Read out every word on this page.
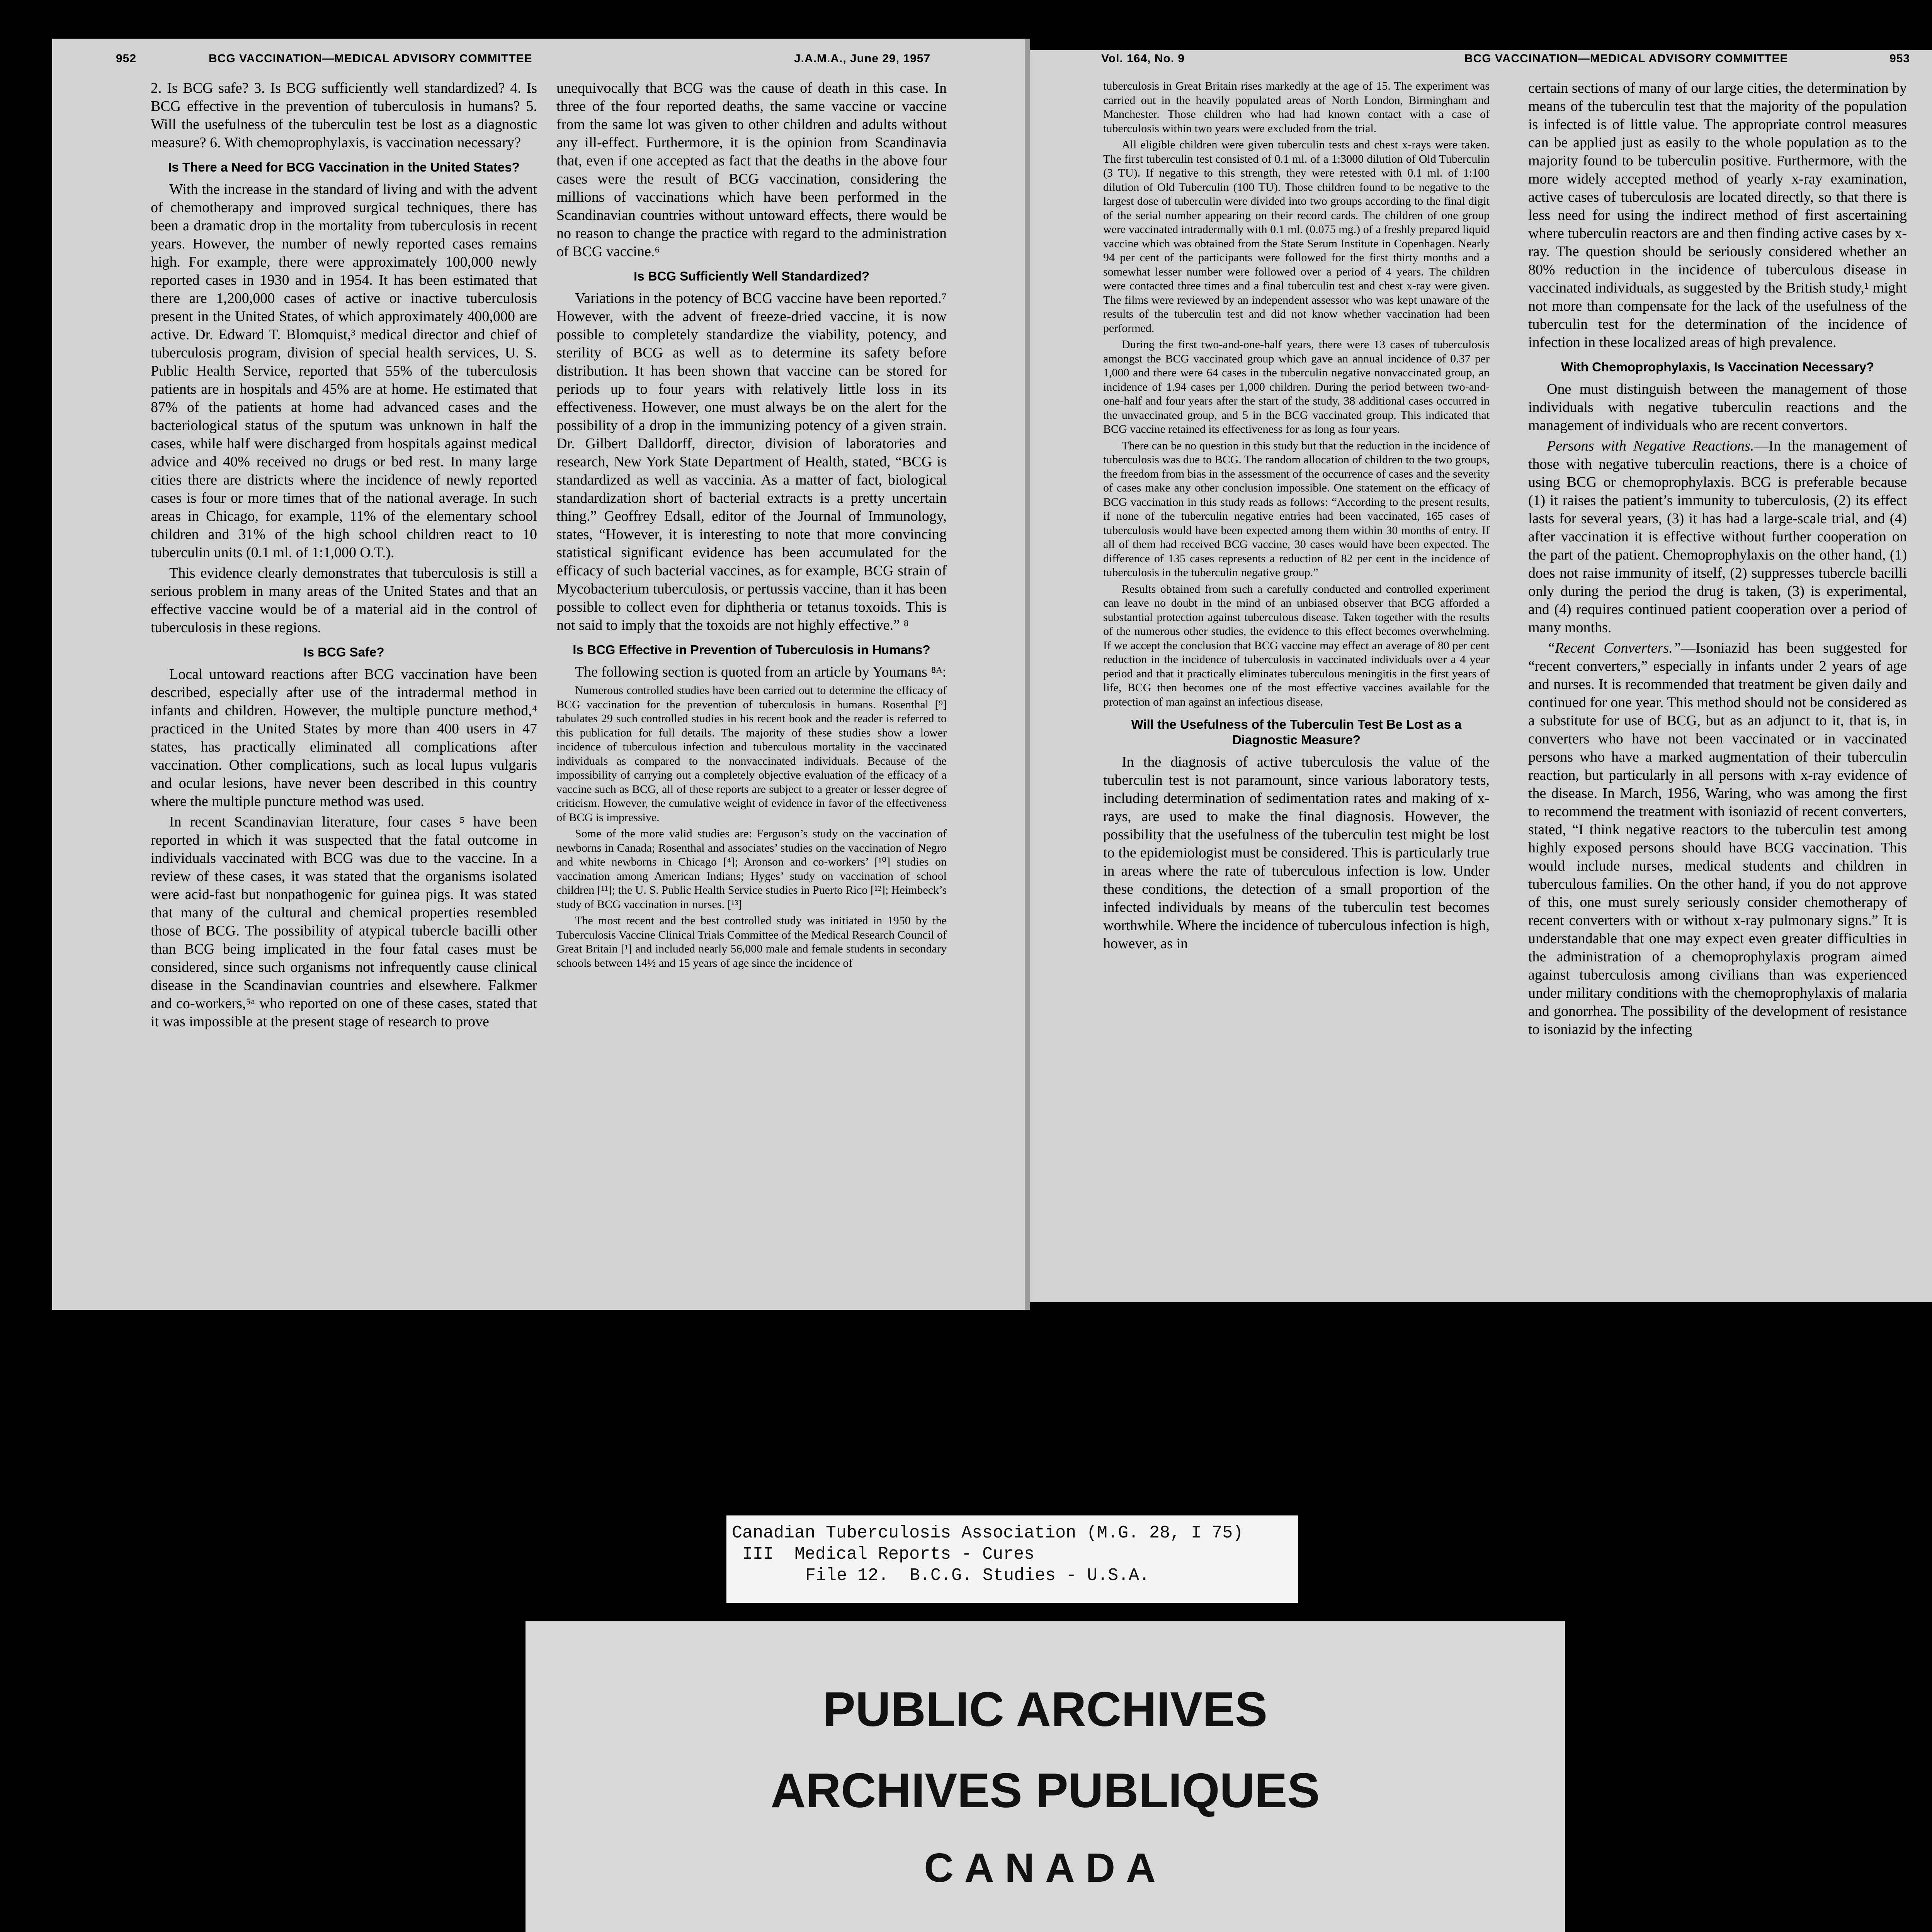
952	BCG VACCINATION—MEDICAL ADVISORY COMMITTEE	J.A.M.A., June 29, 1957

2. Is BCG safe? 3. Is BCG sufficiently well standardized? 4. Is BCG effective in the prevention of tuberculosis in humans? 5. Will the usefulness of the tuberculin test be lost as a diagnostic measure? 6. With chemoprophylaxis, is vaccination necessary?

Is There a Need for BCG Vaccination in the United States?

With the increase in the standard of living and with the advent of chemotherapy and improved surgical techniques, there has been a dramatic drop in the mortality from tuberculosis in recent years. However, the number of newly reported cases remains high. For example, there were approximately 100,000 newly reported cases in 1930 and in 1954. It has been estimated that there are 1,200,000 cases of active or inactive tuberculosis present in the United States, of which approximately 400,000 are active. Dr. Edward T. Blomquist,³ medical director and chief of tuberculosis program, division of special health services, U. S. Public Health Service, reported that 55% of the tuberculosis patients are in hospitals and 45% are at home. He estimated that 87% of the patients at home had advanced cases and the bacteriological status of the sputum was unknown in half the cases, while half were discharged from hospitals against medical advice and 40% received no drugs or bed rest. In many large cities there are districts where the incidence of newly reported cases is four or more times that of the national average. In such areas in Chicago, for example, 11% of the elementary school children and 31% of the high school children react to 10 tuberculin units (0.1 ml. of 1:1,000 O.T.).

This evidence clearly demonstrates that tuberculosis is still a serious problem in many areas of the United States and that an effective vaccine would be of a material aid in the control of tuberculosis in these regions.

Is BCG Safe?

Local untoward reactions after BCG vaccination have been described, especially after use of the intradermal method in infants and children. However, the multiple puncture method,⁴ practiced in the United States by more than 400 users in 47 states, has practically eliminated all complications after vaccination. Other complications, such as local lupus vulgaris and ocular lesions, have never been described in this country where the multiple puncture method was used.

In recent Scandinavian literature, four cases ⁵ have been reported in which it was suspected that the fatal outcome in individuals vaccinated with BCG was due to the vaccine. In a review of these cases, it was stated that the organisms isolated were acid-fast but nonpathogenic for guinea pigs. It was stated that many of the cultural and chemical properties resembled those of BCG. The possibility of atypical tubercle bacilli other than BCG being implicated in the four fatal cases must be considered, since such organisms not infrequently cause clinical disease in the Scandinavian countries and elsewhere. Falkmer and co-workers,⁵ᵃ who reported on one of these cases, stated that it was impossible at the present stage of research to prove

unequivocally that BCG was the cause of death in this case. In three of the four reported deaths, the same vaccine or vaccine from the same lot was given to other children and adults without any ill-effect. Furthermore, it is the opinion from Scandinavia that, even if one accepted as fact that the deaths in the above four cases were the result of BCG vaccination, considering the millions of vaccinations which have been performed in the Scandinavian countries without untoward effects, there would be no reason to change the practice with regard to the administration of BCG vaccine.⁶

Is BCG Sufficiently Well Standardized?

Variations in the potency of BCG vaccine have been reported.⁷ However, with the advent of freeze-dried vaccine, it is now possible to completely standardize the viability, potency, and sterility of BCG as well as to determine its safety before distribution. It has been shown that vaccine can be stored for periods up to four years with relatively little loss in its effectiveness. However, one must always be on the alert for the possibility of a drop in the immunizing potency of a given strain. Dr. Gilbert Dalldorff, director, division of laboratories and research, New York State Department of Health, stated, “BCG is standardized as well as vaccinia. As a matter of fact, biological standardization short of bacterial extracts is a pretty uncertain thing.” Geoffrey Edsall, editor of the Journal of Immunology, states, “However, it is interesting to note that more convincing statistical significant evidence has been accumulated for the efficacy of such bacterial vaccines, as for example, BCG strain of Mycobacterium tuberculosis, or pertussis vaccine, than it has been possible to collect even for diphtheria or tetanus toxoids. This is not said to imply that the toxoids are not highly effective.” ⁸

Is BCG Effective in Prevention of Tuberculosis in Humans?

The following section is quoted from an article by Youmans ⁸ᴬ:

Numerous controlled studies have been carried out to determine the efficacy of BCG vaccination for the prevention of tuberculosis in humans. Rosenthal [⁹] tabulates 29 such controlled studies in his recent book and the reader is referred to this publication for full details. The majority of these studies show a lower incidence of tuberculous infection and tuberculous mortality in the vaccinated individuals as compared to the nonvaccinated individuals. Because of the impossibility of carrying out a completely objective evaluation of the efficacy of a vaccine such as BCG, all of these reports are subject to a greater or lesser degree of criticism. However, the cumulative weight of evidence in favor of the effectiveness of BCG is impressive.

Some of the more valid studies are: Ferguson’s study on the vaccination of newborns in Canada; Rosenthal and associates’ studies on the vaccination of Negro and white newborns in Chicago [⁴]; Aronson and co-workers’ [¹⁰] studies on vaccination among American Indians; Hyges’ study on vaccination of school children [¹¹]; the U. S. Public Health Service studies in Puerto Rico [¹²]; Heimbeck’s study of BCG vaccination in nurses. [¹³]

The most recent and the best controlled study was initiated in 1950 by the Tuberculosis Vaccine Clinical Trials Committee of the Medical Research Council of Great Britain [¹] and included nearly 56,000 male and female students in secondary schools between 14½ and 15 years of age since the incidence of

Vol. 164, No. 9	BCG VACCINATION—MEDICAL ADVISORY COMMITTEE	953

tuberculosis in Great Britain rises markedly at the age of 15. The experiment was carried out in the heavily populated areas of North London, Birmingham and Manchester. Those children who had had known contact with a case of tuberculosis within two years were excluded from the trial.

All eligible children were given tuberculin tests and chest x-rays were taken. The first tuberculin test consisted of 0.1 ml. of a 1:3000 dilution of Old Tuberculin (3 TU). If negative to this strength, they were retested with 0.1 ml. of 1:100 dilution of Old Tuberculin (100 TU). Those children found to be negative to the largest dose of tuberculin were divided into two groups according to the final digit of the serial number appearing on their record cards. The children of one group were vaccinated intradermally with 0.1 ml. (0.075 mg.) of a freshly prepared liquid vaccine which was obtained from the State Serum Institute in Copenhagen. Nearly 94 per cent of the participants were followed for the first thirty months and a somewhat lesser number were followed over a period of 4 years. The children were contacted three times and a final tuberculin test and chest x-ray were given. The films were reviewed by an independent assessor who was kept unaware of the results of the tuberculin test and did not know whether vaccination had been performed.

During the first two-and-one-half years, there were 13 cases of tuberculosis amongst the BCG vaccinated group which gave an annual incidence of 0.37 per 1,000 and there were 64 cases in the tuberculin negative nonvaccinated group, an incidence of 1.94 cases per 1,000 children. During the period between two-and-one-half and four years after the start of the study, 38 additional cases occurred in the unvaccinated group, and 5 in the BCG vaccinated group. This indicated that BCG vaccine retained its effectiveness for as long as four years.

There can be no question in this study but that the reduction in the incidence of tuberculosis was due to BCG. The random allocation of children to the two groups, the freedom from bias in the assessment of the occurrence of cases and the severity of cases make any other conclusion impossible. One statement on the efficacy of BCG vaccination in this study reads as follows: “According to the present results, if none of the tuberculin negative entries had been vaccinated, 165 cases of tuberculosis would have been expected among them within 30 months of entry. If all of them had received BCG vaccine, 30 cases would have been expected. The difference of 135 cases represents a reduction of 82 per cent in the incidence of tuberculosis in the tuberculin negative group.”

Results obtained from such a carefully conducted and controlled experiment can leave no doubt in the mind of an unbiased observer that BCG afforded a substantial protection against tuberculous disease. Taken together with the results of the numerous other studies, the evidence to this effect becomes overwhelming. If we accept the conclusion that BCG vaccine may effect an average of 80 per cent reduction in the incidence of tuberculosis in vaccinated individuals over a 4 year period and that it practically eliminates tuberculous meningitis in the first years of life, BCG then becomes one of the most effective vaccines available for the protection of man against an infectious disease.

Will the Usefulness of the Tuberculin Test Be Lost as a Diagnostic Measure?

In the diagnosis of active tuberculosis the value of the tuberculin test is not paramount, since various laboratory tests, including determination of sedimentation rates and making of x-rays, are used to make the final diagnosis. However, the possibility that the usefulness of the tuberculin test might be lost to the epidemiologist must be considered. This is particularly true in areas where the rate of tuberculous infection is low. Under these conditions, the detection of a small proportion of the infected individuals by means of the tuberculin test becomes worthwhile. Where the incidence of tuberculous infection is high, however, as in

certain sections of many of our large cities, the determination by means of the tuberculin test that the majority of the population is infected is of little value. The appropriate control measures can be applied just as easily to the whole population as to the majority found to be tuberculin positive. Furthermore, with the more widely accepted method of yearly x-ray examination, active cases of tuberculosis are located directly, so that there is less need for using the indirect method of first ascertaining where tuberculin reactors are and then finding active cases by x-ray. The question should be seriously considered whether an 80% reduction in the incidence of tuberculous disease in vaccinated individuals, as suggested by the British study,¹ might not more than compensate for the lack of the usefulness of the tuberculin test for the determination of the incidence of infection in these localized areas of high prevalence.

With Chemoprophylaxis, Is Vaccination Necessary?

One must distinguish between the management of those individuals with negative tuberculin reactions and the management of individuals who are recent convertors.

Persons with Negative Reactions.—In the management of those with negative tuberculin reactions, there is a choice of using BCG or chemoprophylaxis. BCG is preferable because (1) it raises the patient’s immunity to tuberculosis, (2) its effect lasts for several years, (3) it has had a large-scale trial, and (4) after vaccination it is effective without further cooperation on the part of the patient. Chemoprophylaxis on the other hand, (1) does not raise immunity of itself, (2) suppresses tubercle bacilli only during the period the drug is taken, (3) is experimental, and (4) requires continued patient cooperation over a period of many months.

“Recent Converters.”—Isoniazid has been suggested for “recent converters,” especially in infants under 2 years of age and nurses. It is recommended that treatment be given daily and continued for one year. This method should not be considered as a substitute for use of BCG, but as an adjunct to it, that is, in converters who have not been vaccinated or in vaccinated persons who have a marked augmentation of their tuberculin reaction, but particularly in all persons with x-ray evidence of the disease. In March, 1956, Waring, who was among the first to recommend the treatment with isoniazid of recent converters, stated, “I think negative reactors to the tuberculin test among highly exposed persons should have BCG vaccination. This would include nurses, medical students and children in tuberculous families. On the other hand, if you do not approve of this, one must surely seriously consider chemotherapy of recent converters with or without x-ray pulmonary signs.” It is understandable that one may expect even greater difficulties in the administration of a chemoprophylaxis program aimed against tuberculosis among civilians than was experienced under military conditions with the chemoprophylaxis of malaria and gonorrhea. The possibility of the development of resistance to isoniazid by the infecting

Canadian Tuberculosis Association (M.G. 28, I 75)
III  Medical Reports - Cures
File 12.  B.C.G. Studies - U.S.A.
PUBLIC ARCHIVES
ARCHIVES PUBLIQUES
CANADA
